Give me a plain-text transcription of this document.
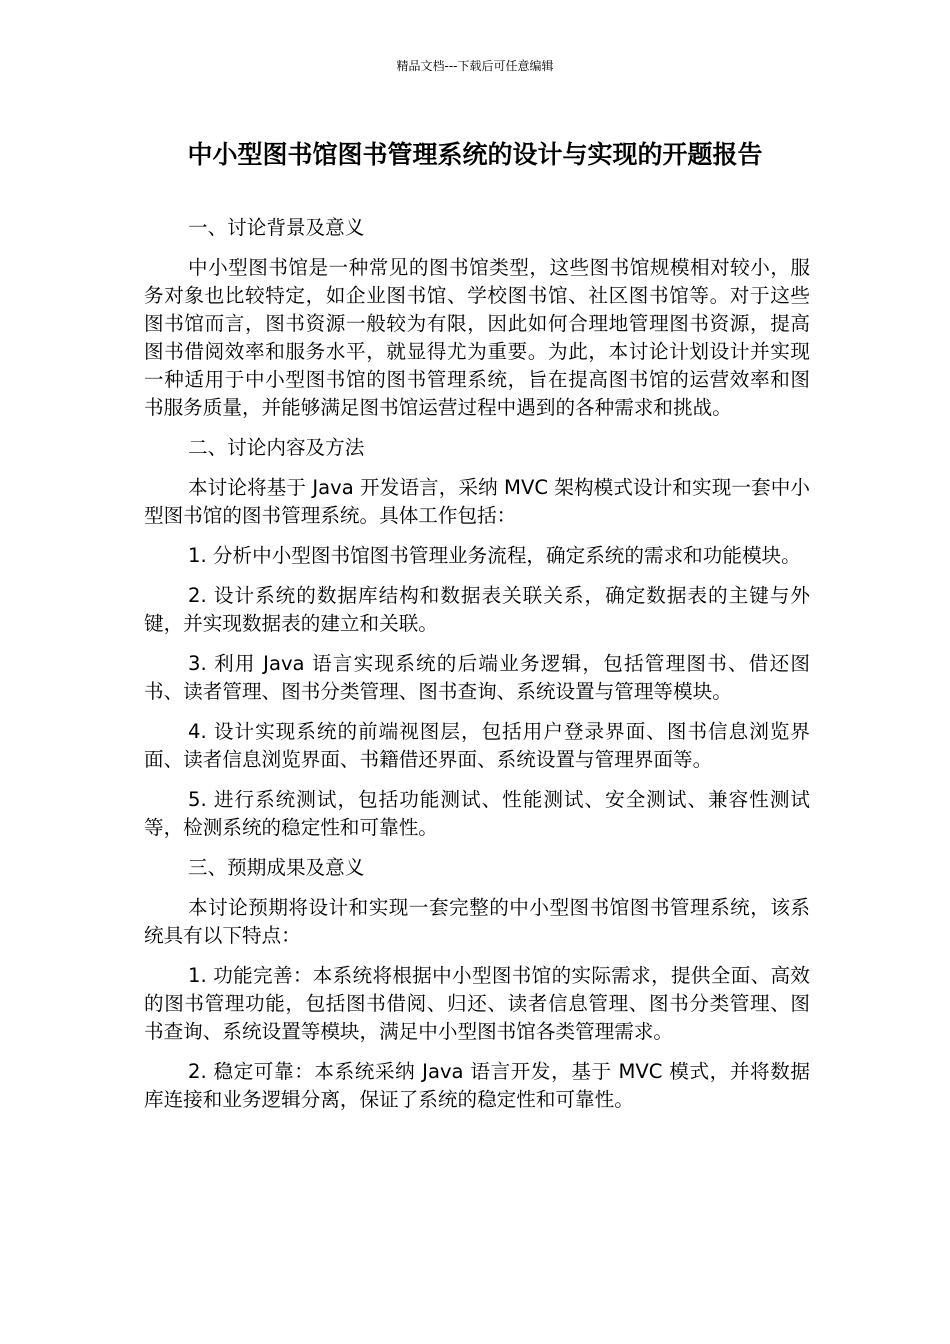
精品文档---下载后可任意编辑
中小型图书馆图书管理系统的设计与实现的开题报告

一、讨论背景及意义

中小型图书馆是一种常见的图书馆类型，这些图书馆规模相对较小，服务对象也比较特定，如企业图书馆、学校图书馆、社区图书馆等。对于这些图书馆而言，图书资源一般较为有限，因此如何合理地管理图书资源，提高图书借阅效率和服务水平，就显得尤为重要。为此，本讨论计划设计并实现一种适用于中小型图书馆的图书管理系统，旨在提高图书馆的运营效率和图书服务质量，并能够满足图书馆运营过程中遇到的各种需求和挑战。

二、讨论内容及方法

本讨论将基于 Java 开发语言，采纳 MVC 架构模式设计和实现一套中小型图书馆的图书管理系统。具体工作包括：

1. 分析中小型图书馆图书管理业务流程，确定系统的需求和功能模块。

2. 设计系统的数据库结构和数据表关联关系，确定数据表的主键与外键，并实现数据表的建立和关联。

3. 利用 Java 语言实现系统的后端业务逻辑，包括管理图书、借还图书、读者管理、图书分类管理、图书查询、系统设置与管理等模块。

4. 设计实现系统的前端视图层，包括用户登录界面、图书信息浏览界面、读者信息浏览界面、书籍借还界面、系统设置与管理界面等。

5. 进行系统测试，包括功能测试、性能测试、安全测试、兼容性测试等，检测系统的稳定性和可靠性。

三、预期成果及意义

本讨论预期将设计和实现一套完整的中小型图书馆图书管理系统，该系统具有以下特点：

1. 功能完善：本系统将根据中小型图书馆的实际需求，提供全面、高效的图书管理功能，包括图书借阅、归还、读者信息管理、图书分类管理、图书查询、系统设置等模块，满足中小型图书馆各类管理需求。

2. 稳定可靠：本系统采纳 Java 语言开发，基于 MVC 模式，并将数据库连接和业务逻辑分离，保证了系统的稳定性和可靠性。
